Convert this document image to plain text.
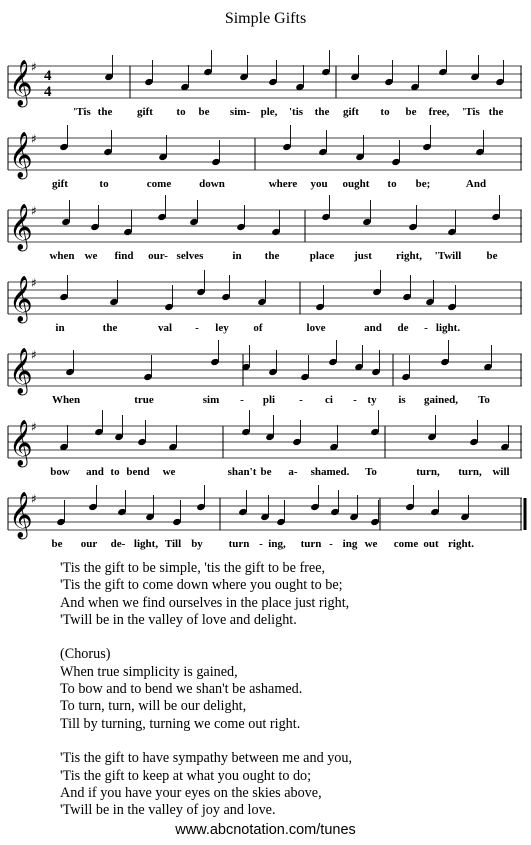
Simple Gifts
𝄞
♯
4
4
𝄞
♯
𝄞
♯
𝄞
♯
𝄞
♯
𝄞
♯
𝄞
♯
'Tis the gift to be sim- ple, 'tis the gift to be free, 'Tis the
gift	to	come	down	where you ought to be;	And
when we find our- selves	in the	place just right, 'Twill be
in	the	val - ley of	love	and de - light.
When	true	sim - pli - ci - ty is gained, To
bow and to bend we	shan't be a- shamed. To	turn, turn, will
be our de- light, Till by turn - ing, turn - ing we come out right.
'Tis the gift to be simple, 'tis the gift to be free,
'Tis the gift to come down where you ought to be;
And when we find ourselves in the place just right,
'Twill be in the valley of love and delight.
(Chorus)
When true simplicity is gained,
To bow and to bend we shan't be ashamed.
To turn, turn, will be our delight,
Till by turning, turning we come out right.
'Tis the gift to have sympathy between me and you,
'Tis the gift to keep at what you ought to do;
And if you have your eyes on the skies above,
'Twill be in the valley of joy and love.
www.abcnotation.com/tunes
